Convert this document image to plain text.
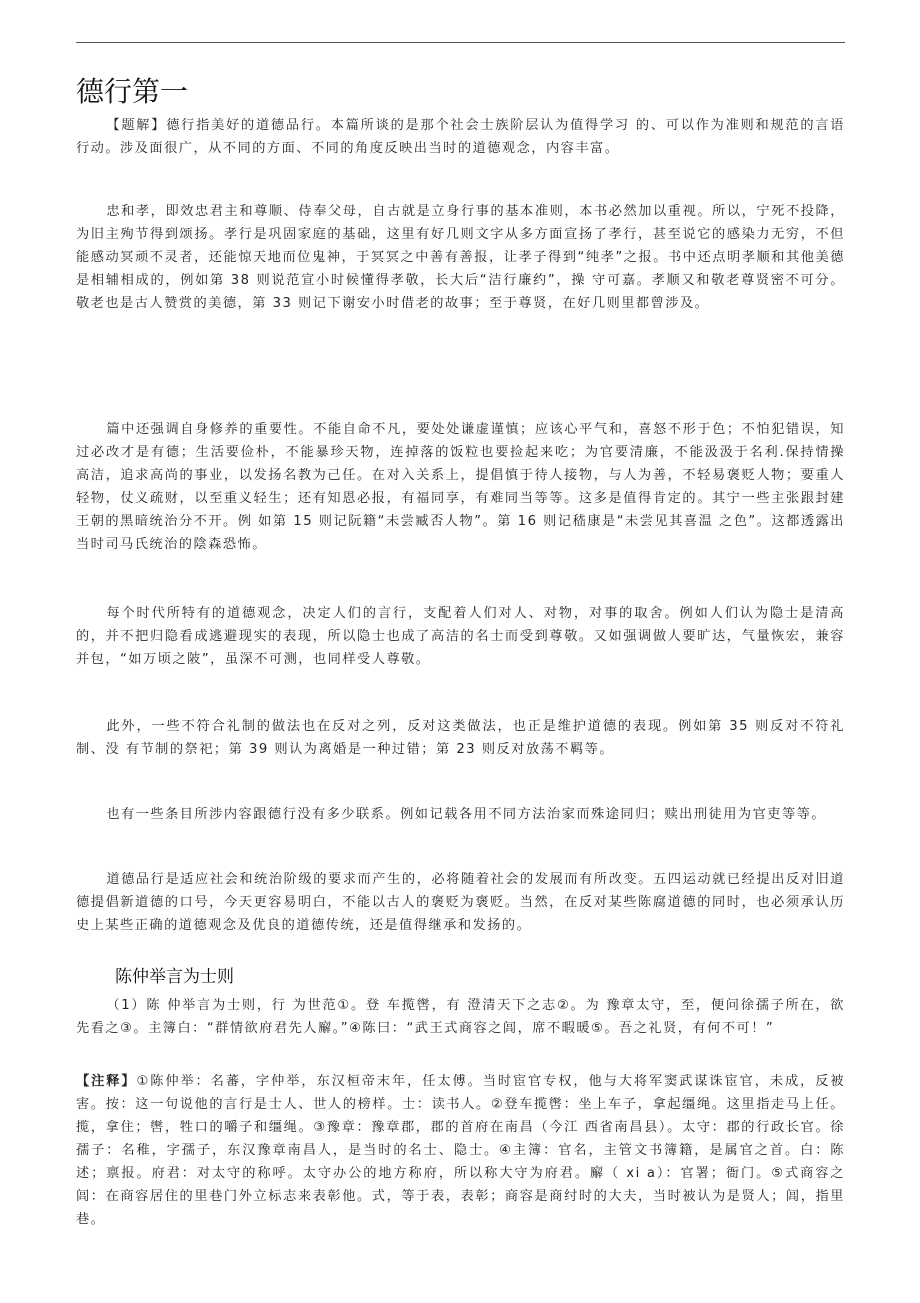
德行第一

【题解】德行指美好的道德品行。本篇所谈的是那个社会士族阶层认为值得学习 的、可以作为准则和规范的言语行动。涉及面很广，从不同的方面、不同的角度反映出当时的道德观念，内容丰富。

忠和孝，即效忠君主和尊顺、侍奉父母，自古就是立身行事的基本准则，本书必然加以重视。所以，宁死不投降，为旧主殉节得到颂扬。孝行是巩固家庭的基础，这里有好几则文字从多方面宣扬了孝行，甚至说它的感染力无穷，不但能感动冥顽不灵者，还能惊天地而位鬼神，于冥冥之中善有善报，让孝子得到“纯孝”之报。书中还点明孝顺和其他美德是相辅相成的，例如第 38 则说范宣小时候懂得孝敬，长大后“洁行廉约”，操 守可嘉。孝顺又和敬老尊贤密不可分。敬老也是古人赞赏的美德，第 33 则记下谢安小时借老的故事；至于尊贤，在好几则里都曾涉及。

篇中还强调自身修养的重要性。不能自命不凡，要处处谦虚谨慎；应该心平气和，喜怒不形于色；不怕犯错误，知过必改才是有德；生活要俭朴，不能暴珍天物，连掉落的饭粒也要捡起来吃；为官要清廉，不能汲汲于名利.保持情操高洁，追求高尚的事业，以发扬名教为己任。在对入关系上，提倡慎于待人接物，与人为善，不轻易褒贬人物；要重人轻物，仗义疏财，以至重义轻生；还有知恩必报，有福同享，有难同当等等。这多是值得肯定的。其宁一些主张跟封建王朝的黑暗统治分不开。例 如第 15 则记阮籍“未尝臧否人物”。第 16 则记嵇康是“未尝见其喜温 之色”。这都透露出当时司马氏统治的陰森恐怖。

每个时代所特有的道德观念，决定人们的言行，支配着人们对人、对物，对事的取舍。例如人们认为隐士是清高的，并不把归隐看成逃避现实的表现，所以隐士也成了高洁的名士而受到尊敬。又如强调做人要旷达，气量恢宏，兼容并包，“如万顷之陂”，虽深不可测，也同样受人尊敬。

此外，一些不符合礼制的做法也在反对之列，反对这类做法，也正是维护道德的表现。例如第 35 则反对不符礼制、没 有节制的祭祀；第 39 则认为离婚是一种过错；第 23 则反对放荡不羁等。

也有一些条目所涉内容跟德行没有多少联系。例如记载各用不同方法治家而殊途同归；赎出刑徒用为官吏等等。

道德品行是适应社会和统治阶级的要求而产生的，必将随着社会的发展而有所改变。五四运动就已经提出反对旧道德提倡新道德的口号，今天更容易明白，不能以古人的褒贬为褒贬。当然，在反对某些陈腐道德的同时，也必须承认历史上某些正确的道德观念及优良的道德传统，还是值得继承和发扬的。

陈仲举言为士则

（1）陈 仲举言为士则，行 为世范①。登 车揽辔，有 澄清天下之志②。为 豫章太守，至，便问徐孺子所在，欲先看之③。主簿白：“群情欲府君先人廨。”④陈曰：“武王式商容之闾，席不暇暖⑤。吾之礼贤，有何不可！”

【注释】①陈仲举：名蕃，字仲举，东汉桓帝末年，任太傅。当时宦官专权，他与大将军窦武谋诛宦官，未成，反被害。按：这一句说他的言行是士人、世人的榜样。士：读书人。②登车揽辔：坐上车子，拿起缰绳。这里指走马上任。揽，拿住；辔，牲口的嚼子和缰绳。③豫章：豫章郡，郡的首府在南昌（今江 西省南昌县）。太守：郡的行政长官。徐孺子：名稚，字孺子，东汉豫章南昌人，是当时的名士、隐士。④主簿：官名，主管文书簿籍，是属官之首。白：陈述；禀报。府君：对太守的称呼。太守办公的地方称府，所以称大守为府君。廨（ xi a）：官署；衙门。⑤式商容之闾：在商容居住的里巷门外立标志来表彰他。式，等于表，表彰；商容是商纣时的大夫，当时被认为是贤人；闾，指里巷。
